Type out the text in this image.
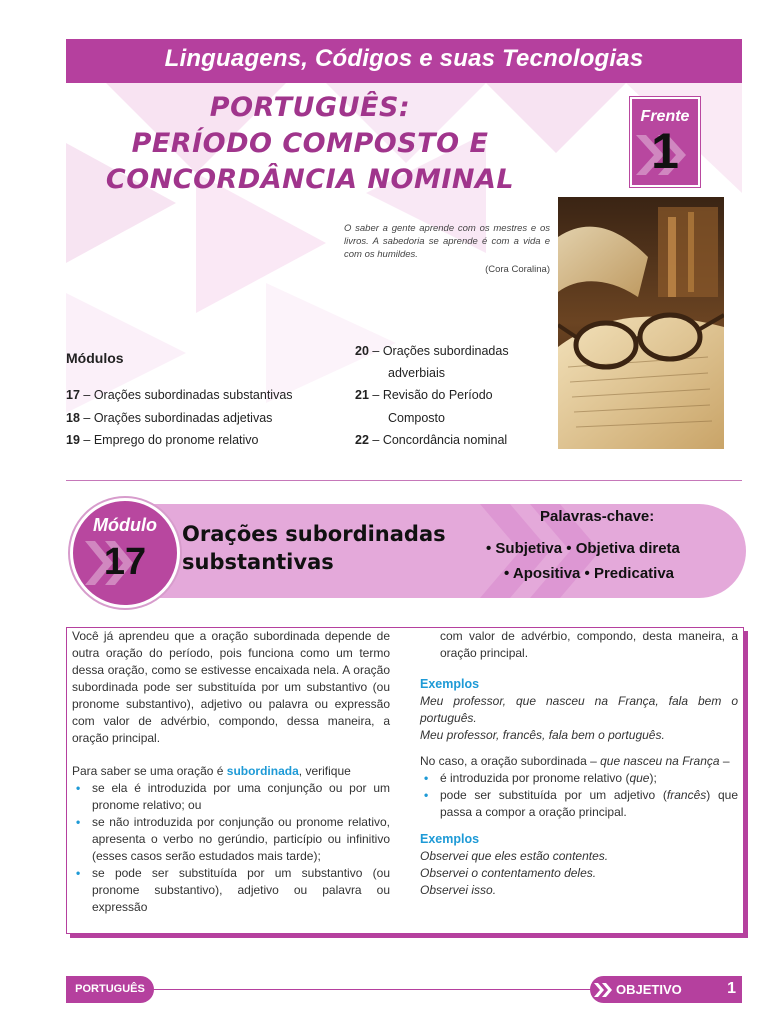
Linguagens, Códigos e suas Tecnologias
PORTUGUÊS:
PERÍODO COMPOSTO E
CONCORDÂNCIA NOMINAL
Frente
1
O saber a gente aprende com os mestres e os livros. A sabedoria se aprende é com a vida e com os humildes.
(Cora Coralina)
Módulos
17 – Orações subordinadas substantivas
18 – Orações subordinadas adjetivas
19 – Emprego do pronome relativo
20 – Orações subordinadas
adverbiais
21 – Revisão do Período
Composto
22 – Concordância nominal
Módulo
17
Orações subordinadas substantivas
Palavras-chave:
• Subjetiva • Objetiva direta
• Apositiva • Predicativa

Você já aprendeu que a oração subordinada depende de outra oração do período, pois funciona como um termo dessa oração, como se estivesse encaixada nela. A oração subordinada pode ser substituída por um substantivo (ou pronome substantivo), adjetivo ou palavra ou expressão com valor de advérbio, compondo, dessa maneira, a oração principal.

Para saber se uma oração é subordinada, verifique

• se ela é introduzida por uma conjunção ou por um pronome relativo; ou
• se não introduzida por conjunção ou pronome relativo, apresenta o verbo no gerúndio, particípio ou infinitivo (esses casos serão estudados mais tarde);
• se pode ser substituída por um substantivo (ou pronome substantivo), adjetivo ou palavra ou expressão

com valor de advérbio, compondo, desta maneira, a oração principal.

Exemplos
Meu professor, que nasceu na França, fala bem o português.
Meu professor, francês, fala bem o português.
No caso, a oração subordinada – que nasceu na França –
• é introduzida por pronome relativo (que);
• pode ser substituída por um adjetivo (francês) que passa a compor a oração principal.
Exemplos
Observei que eles estão contentes.
Observei o contentamento deles.
Observei isso.
PORTUGUÊS	OBJETIVO	1
